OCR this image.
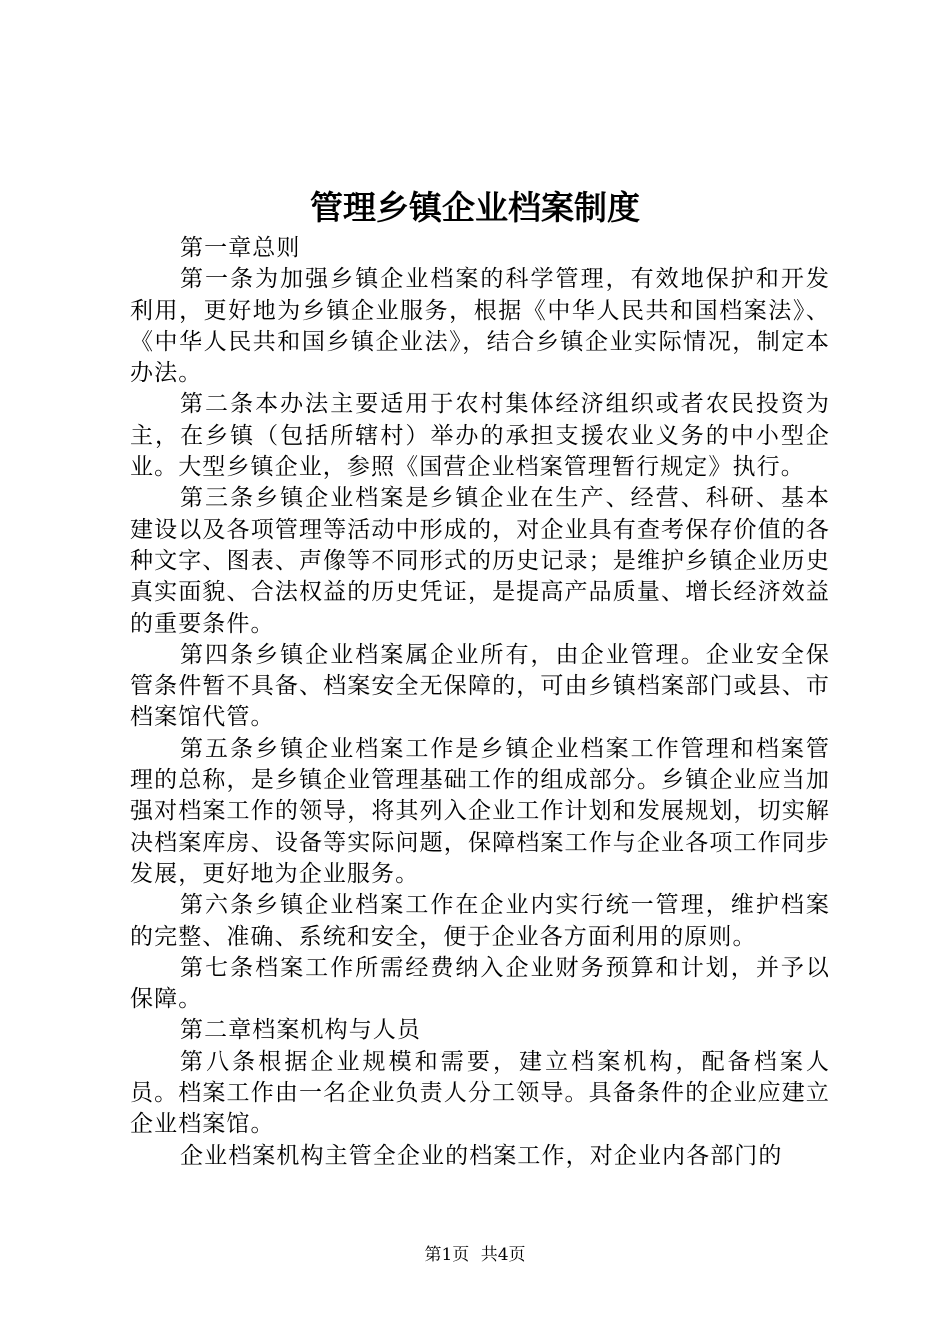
管理乡镇企业档案制度

第一章总则

第一条为加强乡镇企业档案的科学管理，有效地保护和开发利用，更好地为乡镇企业服务，根据《中华人民共和国档案法》、《中华人民共和国乡镇企业法》，结合乡镇企业实际情况，制定本办法。

第二条本办法主要适用于农村集体经济组织或者农民投资为主，在乡镇（包括所辖村）举办的承担支援农业义务的中小型企业。大型乡镇企业，参照《国营企业档案管理暂行规定》执行。

第三条乡镇企业档案是乡镇企业在生产、经营、科研、基本建设以及各项管理等活动中形成的，对企业具有查考保存价值的各种文字、图表、声像等不同形式的历史记录；是维护乡镇企业历史真实面貌、合法权益的历史凭证，是提高产品质量、增长经济效益的重要条件。

第四条乡镇企业档案属企业所有，由企业管理。企业安全保管条件暂不具备、档案安全无保障的，可由乡镇档案部门或县、市档案馆代管。

第五条乡镇企业档案工作是乡镇企业档案工作管理和档案管理的总称，是乡镇企业管理基础工作的组成部分。乡镇企业应当加强对档案工作的领导，将其列入企业工作计划和发展规划，切实解决档案库房、设备等实际问题，保障档案工作与企业各项工作同步发展，更好地为企业服务。

第六条乡镇企业档案工作在企业内实行统一管理，维护档案的完整、准确、系统和安全，便于企业各方面利用的原则。

第七条档案工作所需经费纳入企业财务预算和计划，并予以保障。

第二章档案机构与人员

第八条根据企业规模和需要，建立档案机构，配备档案人员。档案工作由一名企业负责人分工领导。具备条件的企业应建立企业档案馆。

企业档案机构主管全企业的档案工作，对企业内各部门的

第1页 共4页
